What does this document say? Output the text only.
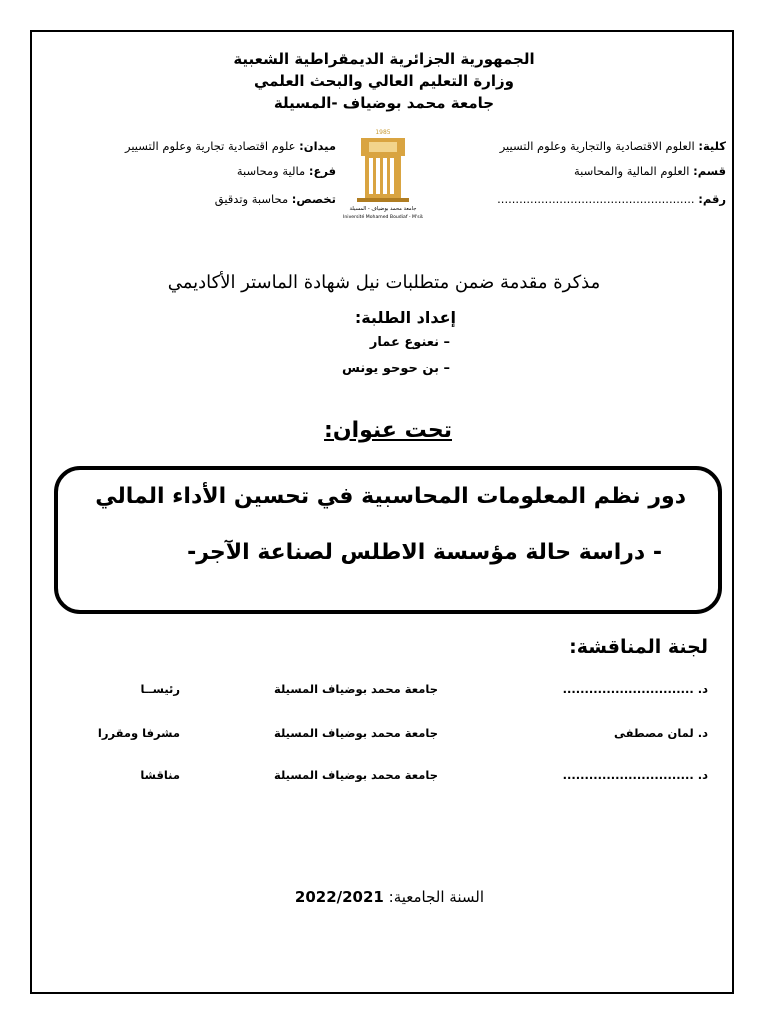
الجمهورية الجزائرية الديمقراطية الشعبية
وزارة التعليم العالي والبحث العلمي
جامعة محمد بوضياف -المسيلة
كلية: العلوم الاقتصادية والتجارية وعلوم التسيير
قسم: العلوم المالية والمحاسبة
رقم: ......................................................
ميدان: علوم اقتصادية تجارية وعلوم التسيير
فرع: مالية ومحاسبة
تخصص: محاسبة وتدقيق
1985
جامعة محمد بوضياف - المسيلة
Université Mohamed Boudiaf - M'sila
مذكرة مقدمة ضمن متطلبات نيل شهادة الماستر الأكاديمي
إعداد الطلبة:
– نعنوع عمار
– بن حوحو يونس
تحت عنوان:
دور نظم المعلومات المحاسبية في تحسين الأداء المالي
- دراسة حالة مؤسسة الاطلس لصناعة الآجر-
لجنة المناقشة:
د. ..............................
جامعة محمد بوضياف المسيلة
رئيســا
د. لمان مصطفى
جامعة محمد بوضياف المسيلة
مشرفا ومقررا
د. ..............................
جامعة محمد بوضياف المسيلة
مناقشا
السنة الجامعية: 2022/2021
